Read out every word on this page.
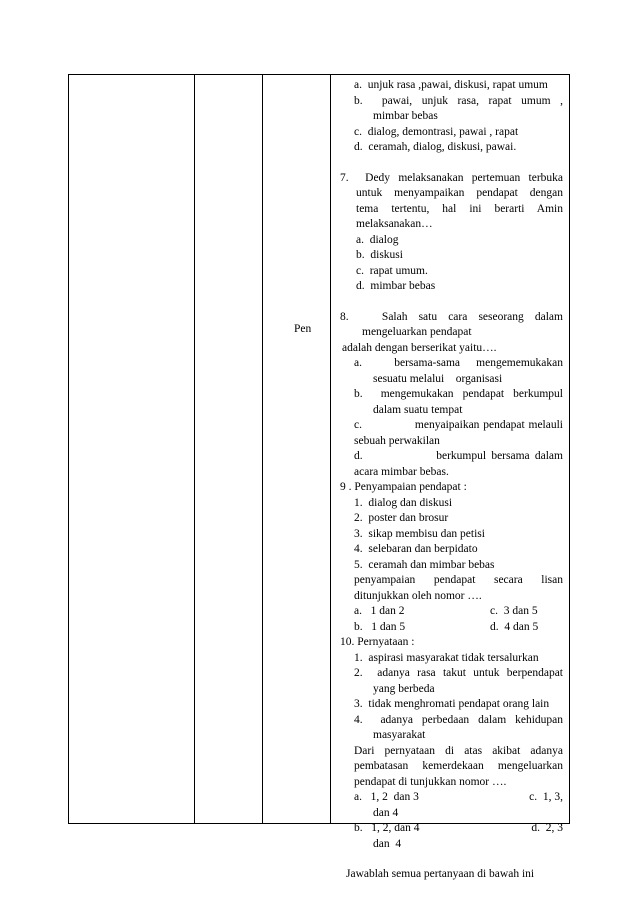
Pen
a.  unjuk rasa ,pawai, diskusi, rapat umum
b.  pawai, unjuk rasa, rapat umum ,
mimbar bebas
c.  dialog, demontrasi, pawai , rapat
d.  ceramah, dialog, diskusi, pawai.
7.  Dedy melaksanakan pertemuan terbuka
untuk menyampaikan pendapat dengan
tema tertentu, hal ini berarti Amin
melaksanakan…
a.  dialog
b.  diskusi
c.  rapat umum.
d.  mimbar bebas
8.   Salah satu cara seseorang dalam
mengeluarkan pendapat
adalah dengan berserikat yaitu….
a.  bersama-sama mengememukakan
sesuatu melalui    organisasi
b.  mengemukakan pendapat berkumpul
dalam suatu tempat
c.              menyaipaikan pendapat melauli
sebuah perwakilan
d.              berkumpul bersama dalam
acara mimbar bebas.
9 . Penyampaian pendapat :
1.  dialog dan diskusi
2.  poster dan brosur
3.  sikap membisu dan petisi
4.  selebaran dan berpidato
5.  ceramah dan mimbar bebas
penyampaian pendapat secara lisan
ditunjukkan oleh nomor ….
a.   1 dan 2	c.  3 dan 5
b.   1 dan 5	d.  4 dan 5
10. Pernyataan :
1.  aspirasi masyarakat tidak tersalurkan
2.  adanya rasa takut untuk berpendapat
yang berbeda
3.  tidak menghromati pendapat orang lain
4.  adanya perbedaan dalam kehidupan
masyarakat
Dari pernyataan di atas akibat adanya
pembatasan kemerdekaan mengeluarkan
pendapat di tunjukkan nomor ….
a.   1, 2  dan 3	c.  1, 3,
dan 4
b.   1, 2, dan 4	d.  2, 3
dan  4
Jawablah semua pertanyaan di bawah ini
